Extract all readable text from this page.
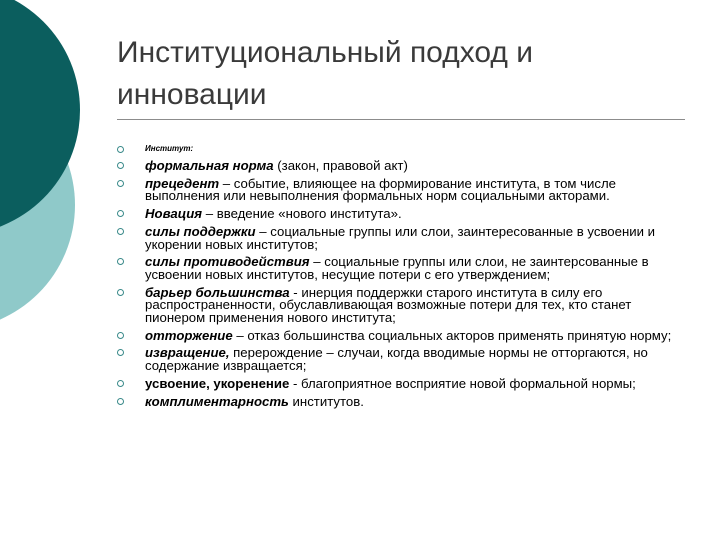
Институциональный подход и инновации
Институт:
формальная норма (закон, правовой акт)
прецедент – событие, влияющее на формирование института, в том числе выполнения или невыполнения формальных норм социальными акторами.
Новация – введение «нового института».
силы поддержки – социальные группы или слои, заинтересованные в усвоении и укорении новых институтов;
силы противодействия – социальные группы или слои, не заинтерсованные в усвоении новых институтов, несущие потери с его утверждением;
барьер большинства - инерция поддержки старого института в силу его распространенности, обуславливающая возможные потери для тех, кто станет пионером применения нового института;
отторжение – отказ большинства социальных акторов применять принятую норму;
извращение, перерождение – случаи, когда вводимые нормы не отторгаются, но содержание извращается;
усвоение, укоренение - благоприятное восприятие новой формальной нормы;
комплиментарность институтов.
